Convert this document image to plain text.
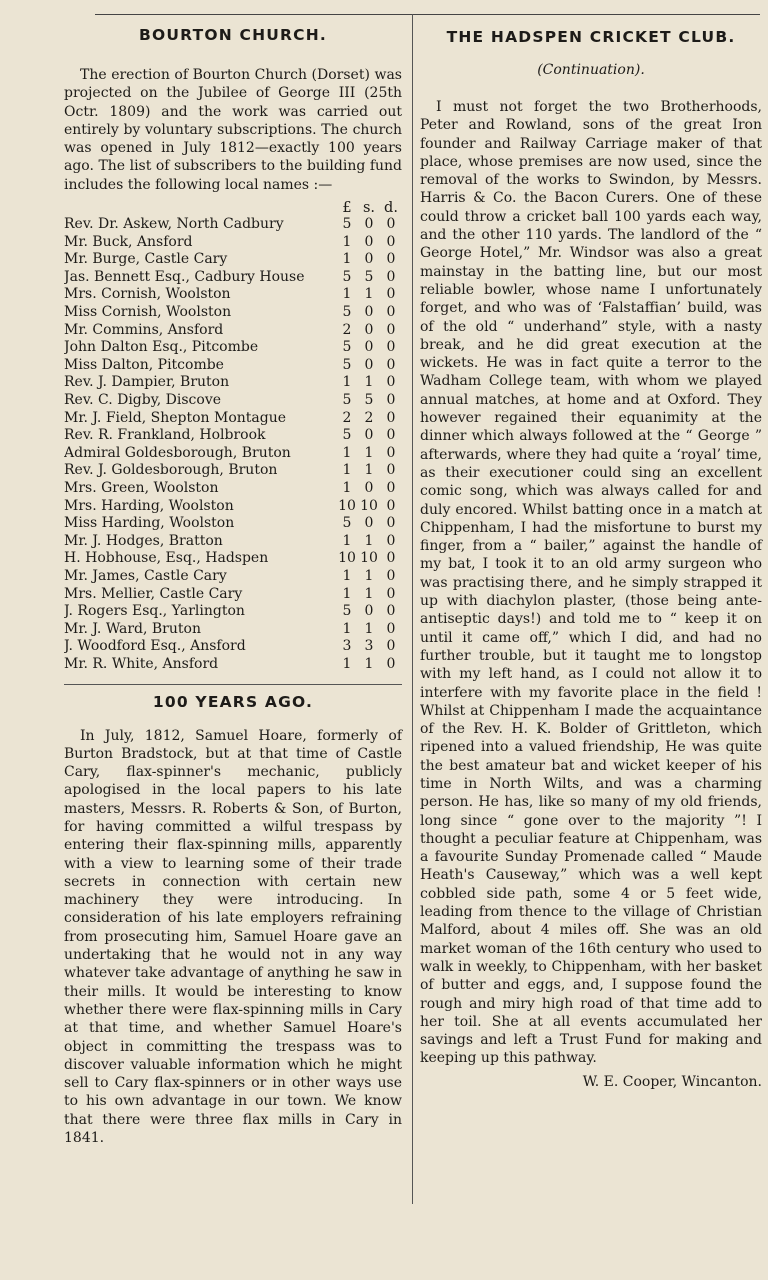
BOURTON CHURCH.

The erection of Bourton Church (Dorset) was projected on the Jubilee of George III (25th Octr. 1809) and the work was carried out entirely by voluntary subscriptions. The church was opened in July 1812—exactly 100 years ago. The list of subscribers to the building fund includes the following local names :—

£ s. d.
Rev. Dr. Askew, North Cadbury	5 0 0
Mr. Buck, Ansford	1 0 0
Mr. Burge, Castle Cary	1 0 0
Jas. Bennett Esq., Cadbury House	5 5 0
Mrs. Cornish, Woolston	1 1 0
Miss Cornish, Woolston	5 0 0
Mr. Commins, Ansford	2 0 0
John Dalton Esq., Pitcombe	5 0 0
Miss Dalton, Pitcombe	5 0 0
Rev. J. Dampier, Bruton	1 1 0
Rev. C. Digby, Discove	5 5 0
Mr. J. Field, Shepton Montague	2 2 0
Rev. R. Frankland, Holbrook	5 0 0
Admiral Goldesborough, Bruton	1 1 0
Rev. J. Goldesborough, Bruton	1 1 0
Mrs. Green, Woolston	1 0 0
Mrs. Harding, Woolston	10 10 0
Miss Harding, Woolston	5 0 0
Mr. J. Hodges, Bratton	1 1 0
H. Hobhouse, Esq., Hadspen	10 10 0
Mr. James, Castle Cary	1 1 0
Mrs. Mellier, Castle Cary	1 1 0
J. Rogers Esq., Yarlington	5 0 0
Mr. J. Ward, Bruton	1 1 0
J. Woodford Esq., Ansford	3 3 0
Mr. R. White, Ansford	1 1 0
100 YEARS AGO.

In July, 1812, Samuel Hoare, formerly of Burton Bradstock, but at that time of Castle Cary, flax-spinner's mechanic, publicly apologised in the local papers to his late masters, Messrs. R. Roberts & Son, of Burton, for having committed a wilful trespass by entering their flax-spinning mills, apparently with a view to learning some of their trade secrets in connection with certain new machinery they were introducing. In consideration of his late employers refraining from prosecuting him, Samuel Hoare gave an undertaking that he would not in any way whatever take advantage of anything he saw in their mills. It would be interesting to know whether there were flax-spinning mills in Cary at that time, and whether Samuel Hoare's object in committing the trespass was to discover valuable information which he might sell to Cary flax-spinners or in other ways use to his own advantage in our town. We know that there were three flax mills in Cary in 1841.

THE HADSPEN CRICKET CLUB.

(Continuation).

I must not forget the two Brotherhoods, Peter and Rowland, sons of the great Iron founder and Railway Carriage maker of that place, whose premises are now used, since the removal of the works to Swindon, by Messrs. Harris & Co. the Bacon Curers. One of these could throw a cricket ball 100 yards each way, and the other 110 yards. The landlord of the “ George Hotel,” Mr. Windsor was also a great mainstay in the batting line, but our most reliable bowler, whose name I unfortunately forget, and who was of ‘Falstaffian’ build, was of the old “ underhand” style, with a nasty break, and he did great execution at the wickets. He was in fact quite a terror to the Wadham College team, with whom we played annual matches, at home and at Oxford. They however regained their equanimity at the dinner which always followed at the “ George ” afterwards, where they had quite a ‘royal’ time, as their executioner could sing an excellent comic song, which was always called for and duly encored. Whilst batting once in a match at Chippenham, I had the misfortune to burst my finger, from a “ bailer,” against the handle of my bat, I took it to an old army surgeon who was practising there, and he simply strapped it up with diachylon plaster, (those being ante-antiseptic days!) and told me to “ keep it on until it came off,” which I did, and had no further trouble, but it taught me to longstop with my left hand, as I could not allow it to interfere with my favorite place in the field ! Whilst at Chippenham I made the acquaintance of the Rev. H. K. Bolder of Grittleton, which ripened into a valued friendship, He was quite the best amateur bat and wicket keeper of his time in North Wilts, and was a charming person. He has, like so many of my old friends, long since “ gone over to the majority ”! I thought a peculiar feature at Chippenham, was a favourite Sunday Promenade called “ Maude Heath's Causeway,” which was a well kept cobbled side path, some 4 or 5 feet wide, leading from thence to the village of Christian Malford, about 4 miles off. She was an old market woman of the 16th century who used to walk in weekly, to Chippenham, with her basket of butter and eggs, and, I suppose found the rough and miry high road of that time add to her toil. She at all events accumulated her savings and left a Trust Fund for making and keeping up this pathway.

W. E. Cooper, Wincanton.
